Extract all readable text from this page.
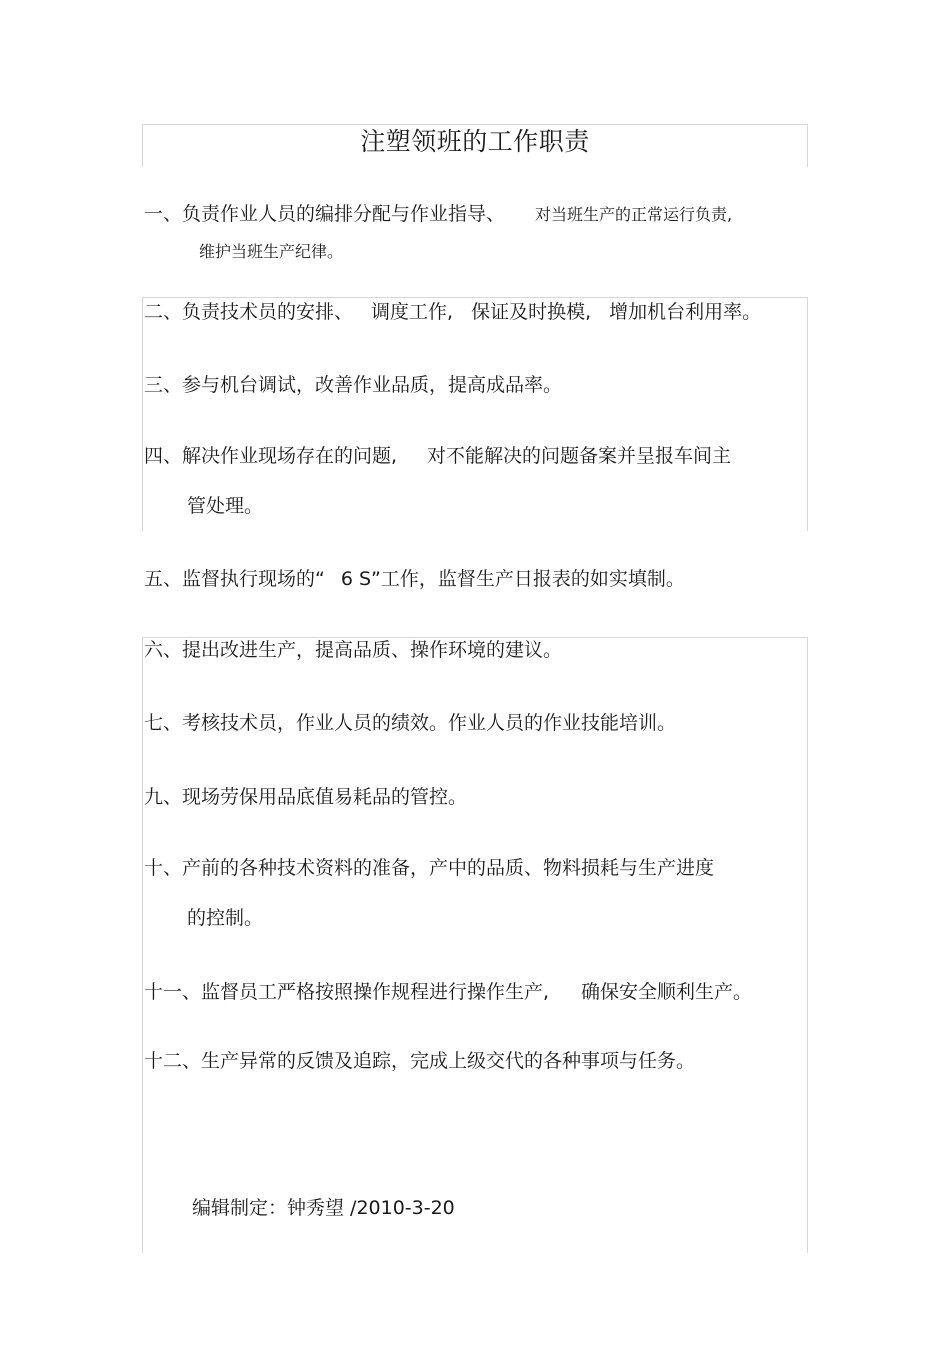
注塑领班的工作职责
一、负责作业人员的编排分配与作业指导、 对当班生产的正常运行负责,
维护当班生产纪律。
二、负责技术员的安排、 调度工作, 保证及时换模, 增加机台利用率。
三、参与机台调试，改善作业品质，提高成品率。
四、解决作业现场存在的问题, 对不能解决的问题备案并呈报车间主
管处理。
五、监督执行现场的“ 6 S”工作，监督生产日报表的如实填制。
六、提出改进生产，提高品质、操作环境的建议。
七、考核技术员，作业人员的绩效。作业人员的作业技能培训。
九、现场劳保用品底值易耗品的管控。
十、产前的各种技术资料的准备，产中的品质、物料损耗与生产进度
的控制。
十一、监督员工严格按照操作规程进行操作生产, 确保安全顺利生产。
十二、生产异常的反馈及追踪，完成上级交代的各种事项与任务。
编辑制定：钟秀望 /2010-3-20
